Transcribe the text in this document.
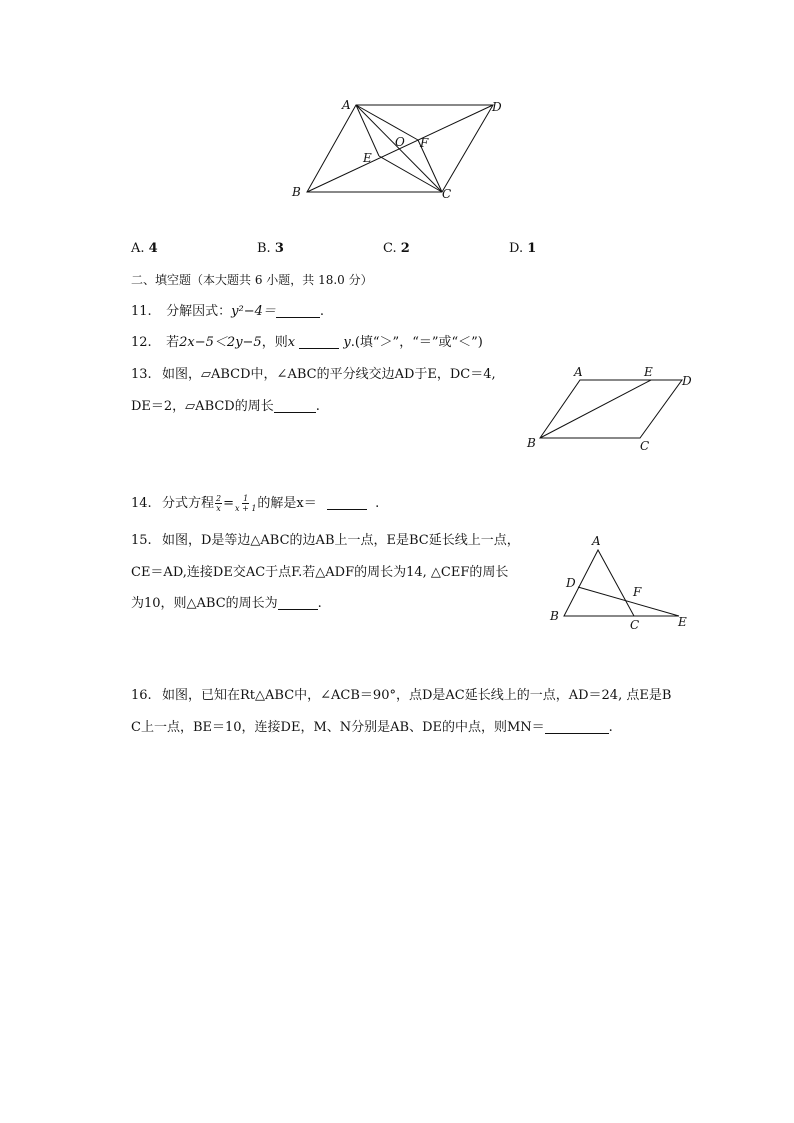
A	D
B	C
O
E
F
A. 4	B. 3	C. 2	D. 1
二、填空题（本大题共 6 小题，共 18.0 分）
11. 分解因式：y²−4＝	.
12. 若2x−5＜2y−5，则x	y.(填“＞”，“＝”或“＜”)
13. 如图，▱ABCD中，∠ABC的平分线交边AD于E，DC＝4,
DE＝2，▱ABCD的周长	.
A	E
D
B	C
14. 分式方程 $\frac{2}{x} = \frac{1}{x + 1}$ 的解是x＝	.
15. 如图，D是等边△ABC的边AB上一点，E是BC延长线上一点，
CE＝AD,连接DE交AC于点F.若△ADF的周长为14, △CEF的周长
为10，则△ABC的周长为	.
A
D
F
B
C	E
16. 如图，已知在Rt△ABC中，∠ACB＝90°，点D是AC延长线上的一点，AD＝24, 点E是B
C上一点，BE＝10，连接DE，M、N分别是AB、DE的中点，则MN＝	.
